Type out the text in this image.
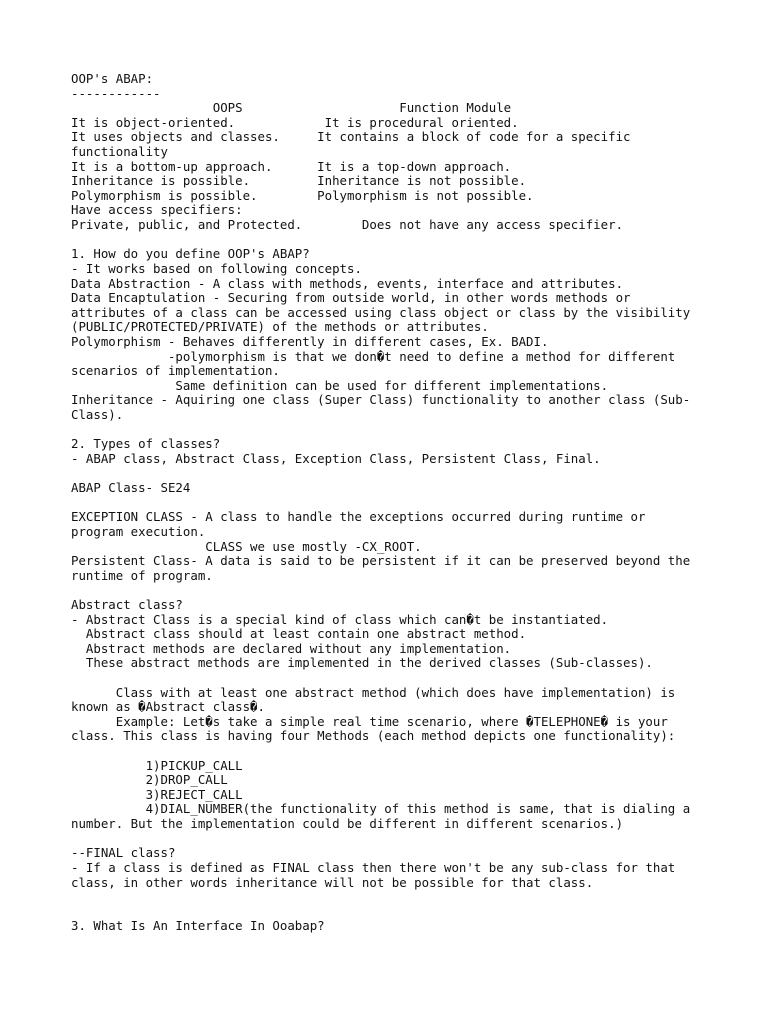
OOP's ABAP:
------------
OOPS                     Function Module
It is object-oriented.            It is procedural oriented.
It uses objects and classes.     It contains a block of code for a specific
functionality
It is a bottom-up approach.      It is a top-down approach.
Inheritance is possible.         Inheritance is not possible.
Polymorphism is possible.        Polymorphism is not possible.
Have access specifiers:
Private, public, and Protected.        Does not have any access specifier.
1. How do you define OOP's ABAP?
- It works based on following concepts.
Data Abstraction - A class with methods, events, interface and attributes.
Data Encaptulation - Securing from outside world, in other words methods or
attributes of a class can be accessed using class object or class by the visibility
(PUBLIC/PROTECTED/PRIVATE) of the methods or attributes.
Polymorphism - Behaves differently in different cases, Ex. BADI.
-polymorphism is that we don�t need to define a method for different
scenarios of implementation.
Same definition can be used for different implementations.
Inheritance - Aquiring one class (Super Class) functionality to another class (Sub-
Class).
2. Types of classes?
- ABAP class, Abstract Class, Exception Class, Persistent Class, Final.
ABAP Class- SE24
EXCEPTION CLASS - A class to handle the exceptions occurred during runtime or
program execution.
CLASS we use mostly -CX_ROOT.
Persistent Class- A data is said to be persistent if it can be preserved beyond the
runtime of program.
Abstract class?
- Abstract Class is a special kind of class which can�t be instantiated.
Abstract class should at least contain one abstract method.
Abstract methods are declared without any implementation.
These abstract methods are implemented in the derived classes (Sub-classes).
Class with at least one abstract method (which does have implementation) is
known as �Abstract class�.
Example: Let�s take a simple real time scenario, where �TELEPHONE� is your
class. This class is having four Methods (each method depicts one functionality):
1)PICKUP_CALL
2)DROP_CALL
3)REJECT_CALL
4)DIAL_NUMBER(the functionality of this method is same, that is dialing a
number. But the implementation could be different in different scenarios.)
--FINAL class?
- If a class is defined as FINAL class then there won't be any sub-class for that
class, in other words inheritance will not be possible for that class.
3. What Is An Interface In Ooabap?
